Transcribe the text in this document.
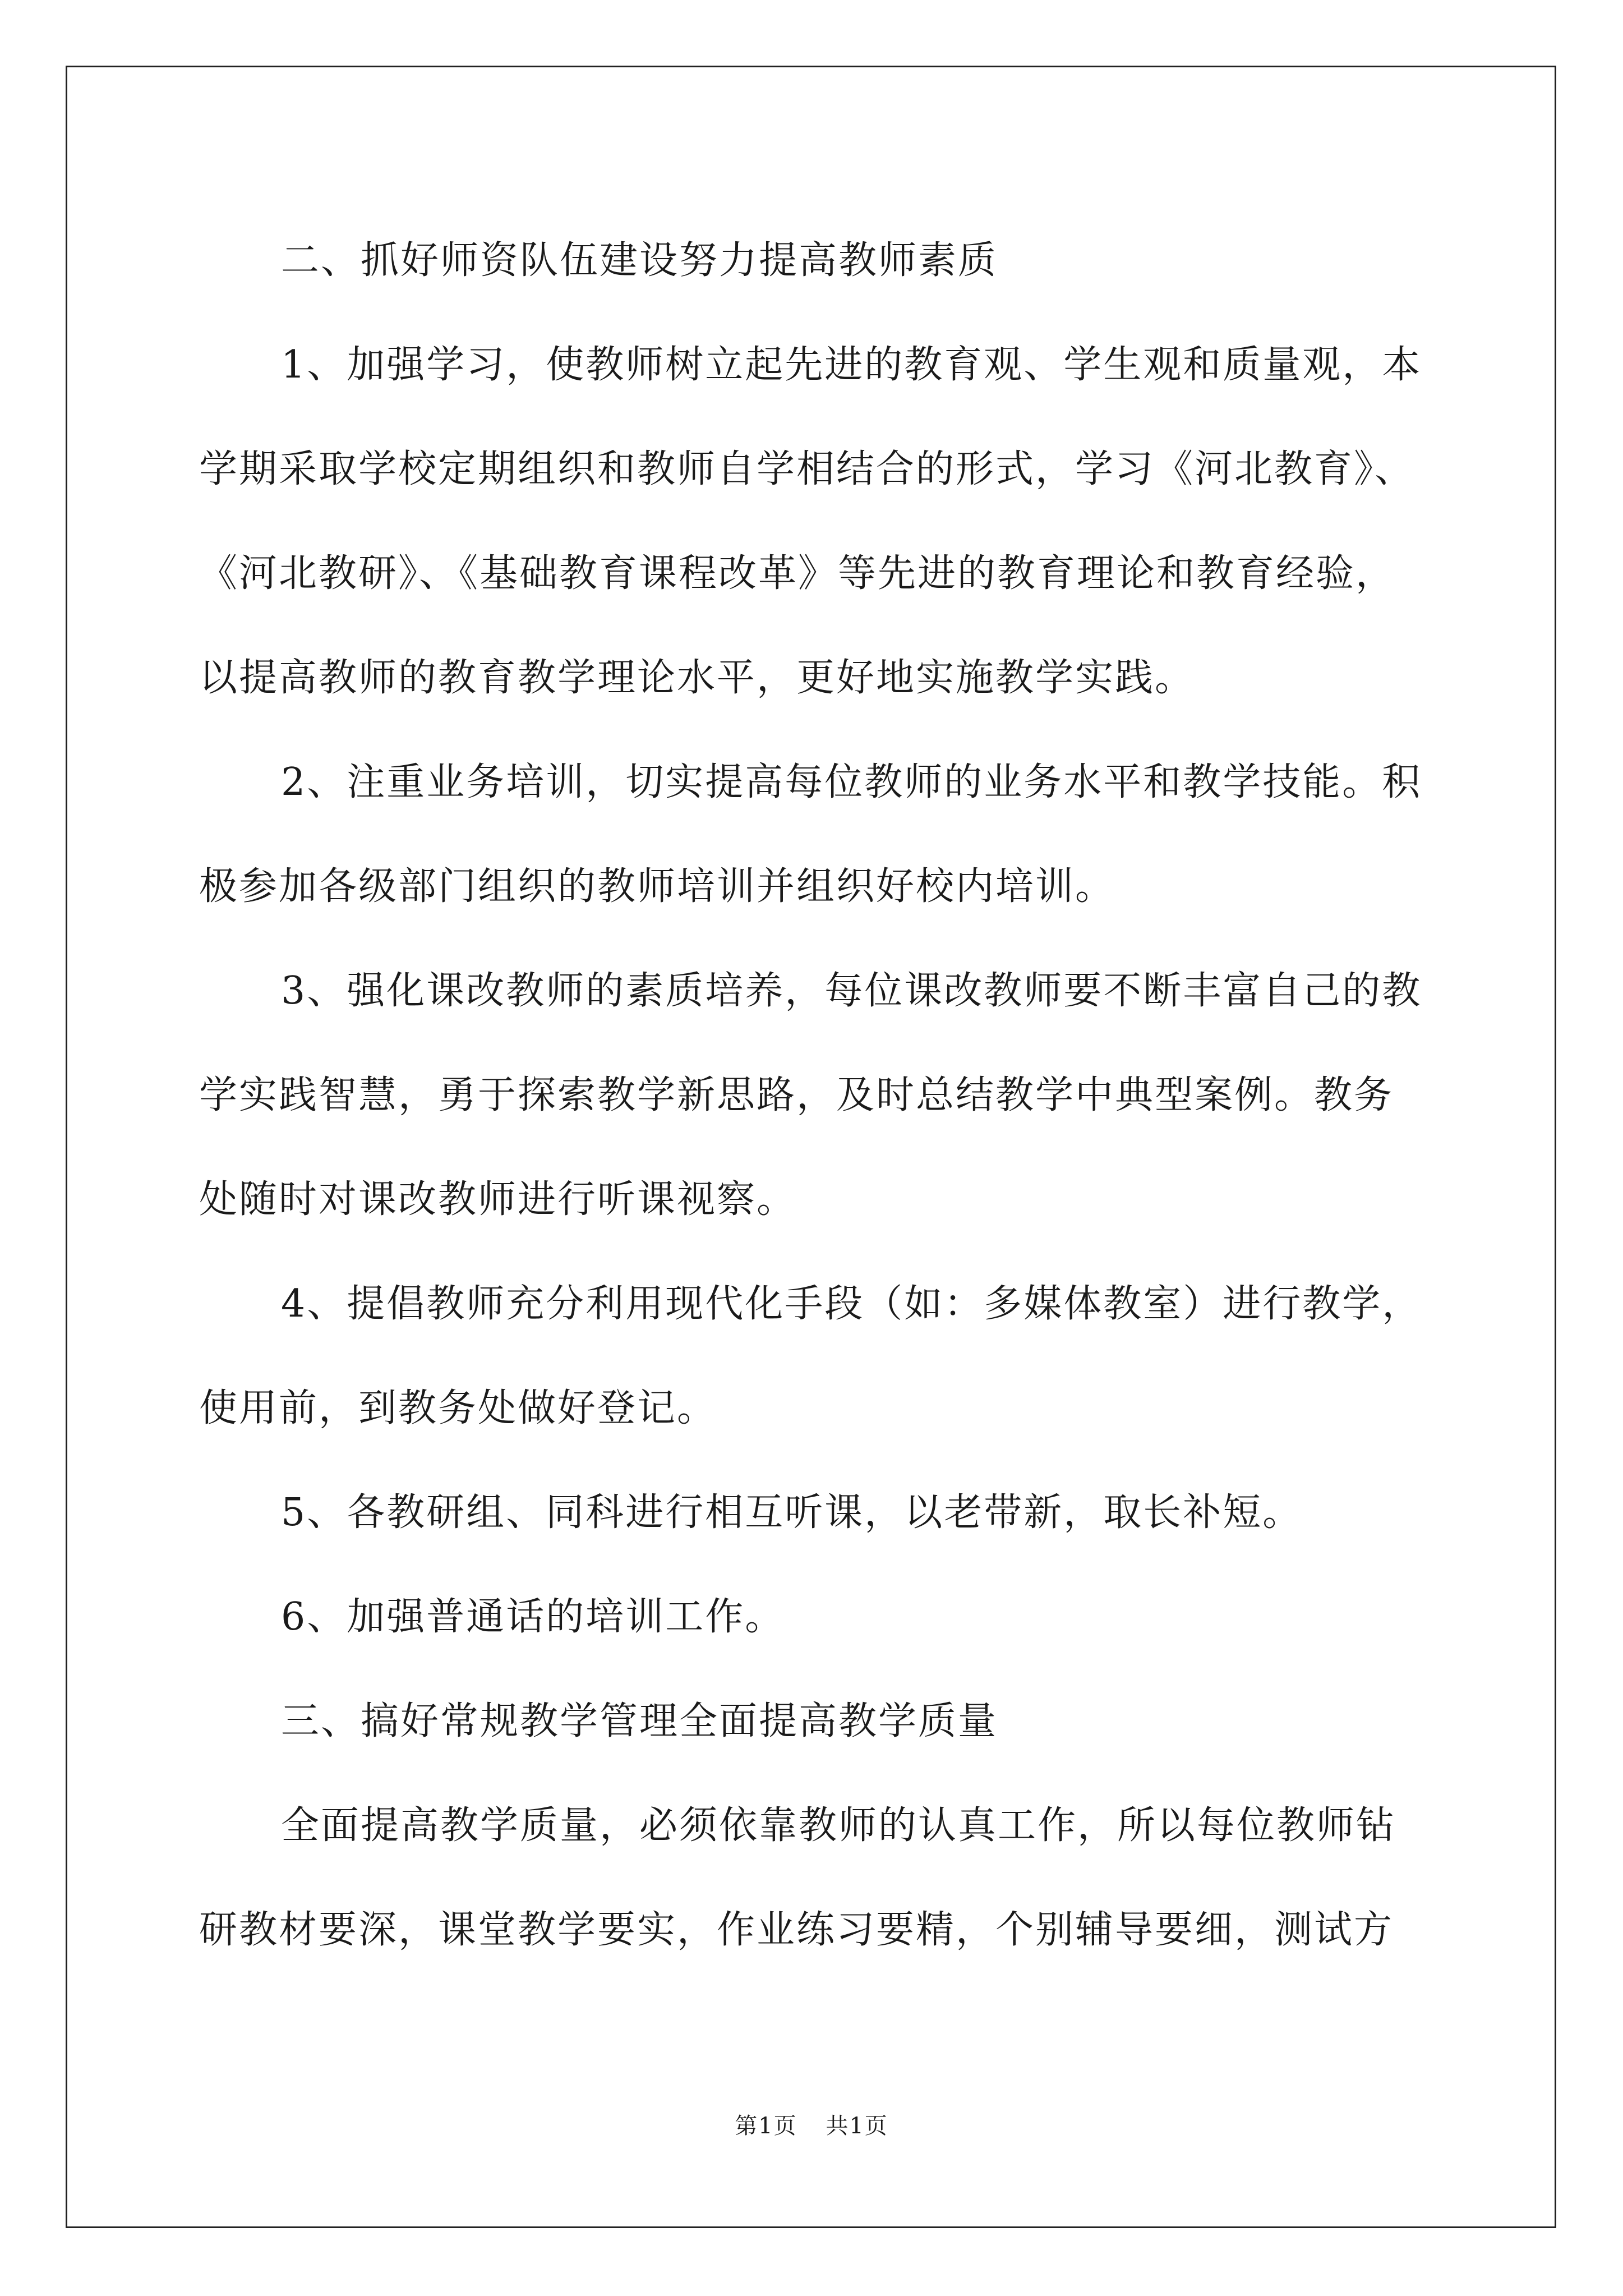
二、抓好师资队伍建设努力提高教师素质

1、加强学习，使教师树立起先进的教育观、学生观和质量观，本学期采取学校定期组织和教师自学相结合的形式，学习《河北教育》、《河北教研》、《基础教育课程改革》等先进的教育理论和教育经验，以提高教师的教育教学理论水平，更好地实施教学实践。

2、注重业务培训，切实提高每位教师的业务水平和教学技能。积极参加各级部门组织的教师培训并组织好校内培训。

3、强化课改教师的素质培养，每位课改教师要不断丰富自己的教学实践智慧，勇于探索教学新思路，及时总结教学中典型案例。教务处随时对课改教师进行听课视察。

4、提倡教师充分利用现代化手段（如：多媒体教室）进行教学，使用前，到教务处做好登记。

5、各教研组、同科进行相互听课，以老带新，取长补短。

6、加强普通话的培训工作。

三、搞好常规教学管理全面提高教学质量

全面提高教学质量，必须依靠教师的认真工作，所以每位教师钻研教材要深，课堂教学要实，作业练习要精，个别辅导要细，测试方

第1页 共1页
